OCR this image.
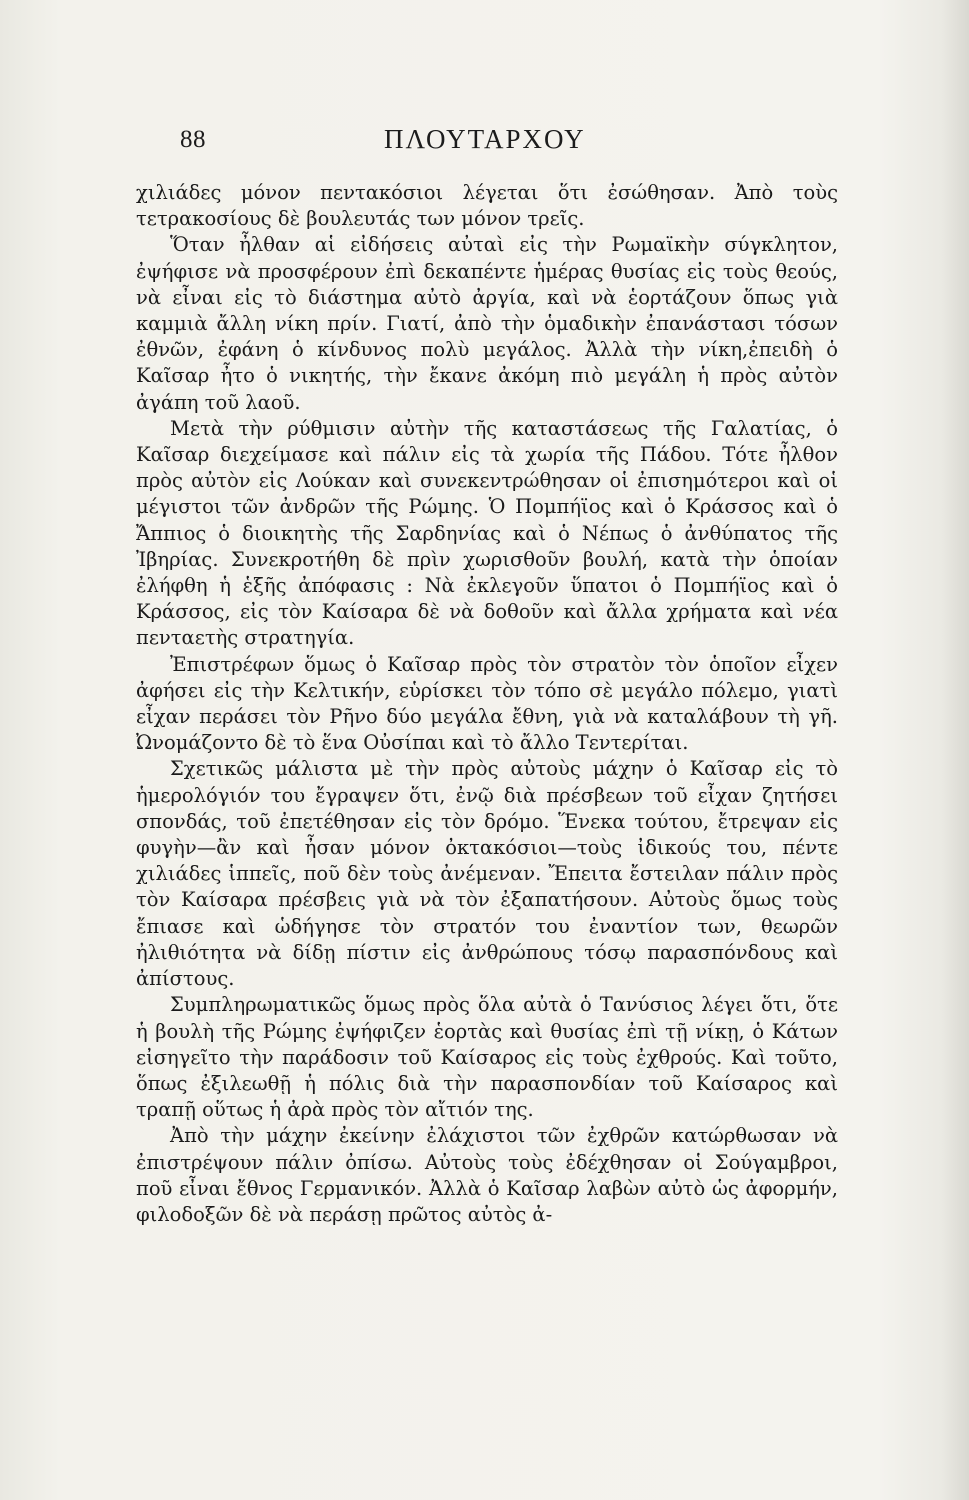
88	ΠΛΟΥΤΑΡΧΟΥ

χιλιάδες μόνον πεντακόσιοι λέγεται ὅτι ἐσώθησαν. Ἀπὸ τοὺς τετρακοσίους δὲ βουλευτάς των μόνον τρεῖς.

Ὅταν ἦλθαν αἱ εἰδήσεις αὐταὶ εἰς τὴν Ρωμαϊκὴν σύγκλητον, ἐψήφισε νὰ προσφέρουν ἐπὶ δεκαπέντε ἡμέρας θυσίας εἰς τοὺς θεούς, νὰ εἶναι εἰς τὸ διάστημα αὐτὸ ἀργία, καὶ νὰ ἑορτάζουν ὅπως γιὰ καμμιὰ ἄλλη νίκη πρίν. Γιατί, ἀπὸ τὴν ὁμαδικὴν ἐπανάστασι τόσων ἐθνῶν, ἐφάνη ὁ κίνδυνος πολὺ μεγάλος. Ἀλλὰ τὴν νίκη,ἐπειδὴ ὁ Καῖσαρ ἦτο ὁ νικητής, τὴν ἔκανε ἀκόμη πιὸ μεγάλη ἡ πρὸς αὐτὸν ἀγάπη τοῦ λαοῦ.

Μετὰ τὴν ρύθμισιν αὐτὴν τῆς καταστάσεως τῆς Γαλατίας, ὁ Καῖσαρ διεχείμασε καὶ πάλιν εἰς τὰ χωρία τῆς Πάδου. Τότε ἦλθον πρὸς αὐτὸν εἰς Λούκαν καὶ συνεκεντρώθησαν οἱ ἐπισημότεροι καὶ οἱ μέγιστοι τῶν ἀνδρῶν τῆς Ρώμης. Ὁ Πομπήϊος καὶ ὁ Κράσσος καὶ ὁ Ἄππιος ὁ διοικητὴς τῆς Σαρδηνίας καὶ ὁ Νέπως ὁ ἀνθύπατος τῆς Ἰβηρίας. Συνεκροτήθη δὲ πρὶν χωρισθοῦν βουλή, κατὰ τὴν ὁποίαν ἐλήφθη ἡ ἑξῆς ἀπόφασις : Νὰ ἐκλεγοῦν ὕπατοι ὁ Πομπήϊος καὶ ὁ Κράσσος, εἰς τὸν Καίσαρα δὲ νὰ δοθοῦν καὶ ἄλλα χρήματα καὶ νέα πενταετὴς στρατηγία.

Ἐπιστρέφων ὅμως ὁ Καῖσαρ πρὸς τὸν στρατὸν τὸν ὁποῖον εἶχεν ἀφήσει εἰς τὴν Κελτικήν, εὑρίσκει τὸν τόπο σὲ μεγάλο πόλεμο, γιατὶ εἶχαν περάσει τὸν Ρῆνο δύο μεγάλα ἔθνη, γιὰ νὰ καταλάβουν τὴ γῆ. Ὠνομάζοντο δὲ τὸ ἕνα Οὐσίπαι καὶ τὸ ἄλλο Τεντερίται.

Σχετικῶς μάλιστα μὲ τὴν πρὸς αὐτοὺς μάχην ὁ Καῖσαρ εἰς τὸ ἡμερολόγιόν του ἔγραψεν ὅτι, ἐνῷ διὰ πρέσβεων τοῦ εἶχαν ζητήσει σπονδάς, τοῦ ἐπετέθησαν εἰς τὸν δρόμο. Ἕνεκα τούτου, ἔτρεψαν εἰς φυγὴν—ἂν καὶ ἦσαν μόνον ὀκτακόσιοι—τοὺς ἰδικούς του, πέντε χιλιάδες ἱππεῖς, ποῦ δὲν τοὺς ἀνέμεναν. Ἔπειτα ἔστειλαν πάλιν πρὸς τὸν Καίσαρα πρέσβεις γιὰ νὰ τὸν ἐξαπατήσουν. Αὐτοὺς ὅμως τοὺς ἔπιασε καὶ ὡδήγησε τὸν στρατόν του ἐναντίον των, θεωρῶν ἠλιθιότητα νὰ δίδῃ πίστιν εἰς ἀνθρώπους τόσῳ παρασπόνδους καὶ ἀπίστους.

Συμπληρωματικῶς ὅμως πρὸς ὅλα αὐτὰ ὁ Τανύσιος λέγει ὅτι, ὅτε ἡ βουλὴ τῆς Ρώμης ἐψήφιζεν ἑορτὰς καὶ θυσίας ἐπὶ τῇ νίκῃ, ὁ Κάτων εἰσηγεῖτο τὴν παράδοσιν τοῦ Καίσαρος εἰς τοὺς ἐχθρούς. Καὶ τοῦτο, ὅπως ἐξιλεωθῇ ἡ πόλις διὰ τὴν παρασπονδίαν τοῦ Καίσαρος καὶ τραπῇ οὕτως ἡ ἀρὰ πρὸς τὸν αἴτιόν της.

Ἀπὸ τὴν μάχην ἐκείνην ἐλάχιστοι τῶν ἐχθρῶν κατώρθωσαν νὰ ἐπιστρέψουν πάλιν ὀπίσω. Αὐτοὺς τοὺς ἐδέχθησαν οἱ Σούγαμβροι, ποῦ εἶναι ἔθνος Γερμανικόν. Ἀλλὰ ὁ Καῖσαρ λαβὼν αὐτὸ ὡς ἀφορμήν, φιλοδοξῶν δὲ νὰ περάσῃ πρῶτος αὐτὸς ἀ-
